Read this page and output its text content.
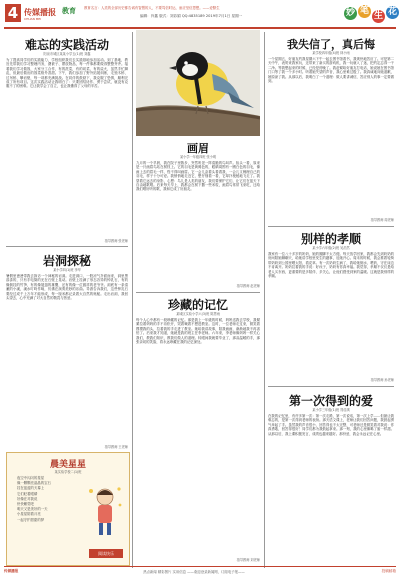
4 传媒播报
CHUAN MEI
教育 教育名言：人类的全部历史都告诫有智慧的人，不要笃信时运，而应坚信思想。——爱默生
编辑：肖鑫 版式：刘彩娟 QQ:4835189 2019年7月1日 星期一	妙 笔 生 花
难忘的实践活动
阳泉市城区某某小学五(1)班 刘鑫
为了提高同学们的实践能力，学校组织我们去实践基地参加活动。到了基地，教官先带我们学习整理内务，叠被子、摆放物品，每一件事都要做得整整齐齐。接着我们学习做饭，大家分工合作，有的洗菜，有的切菜，有的烧火，虽然手忙脚乱，但最后做出的饭菜格外香甜。下午，我们参加了野外拓展训练，走独木桥、过吊桥、攀岩壁，每一项都充满挑战。在同伴的鼓励下，我克服了恐惧，顺利完成了所有项目。这次实践活动让我明白了：只要团结协作、勇于尝试，就没有克服不了的困难。它让我学会了自立，也让我懂得了父母的辛苦。
指导教师 张老师
岩洞探秘
某小学四(1)班 李华
暑假里爸爸带我去探访一个神秘的岩洞。走进洞口，一股凉气扑面而来，洞里黑漆漆的，只有手电筒的光在石壁上晃动。岩壁上挂满了形态各异的钟乳石，有的像倒挂的竹笋，有的像展翅的雄鹰，还有的像一位慈祥的老爷爷。洞底有一条清澈的小溪，溪水叮咚作响，仿佛在演奏美妙的乐曲。导游告诉我们，这些钟乳石要经过成千上万年才能形成，每一厘米都记录着大自然的奥秘。走出岩洞，我回头望去，心中充满了对大自然的敬畏与热爱。
指导教师 王老师
晨美星星
某实验学校二(1)班
夜空中闪闪的星星
像一颗颗亮晶晶的宝石
挂在蓝蓝的天幕上
它们眨着眼睛
好像在对我说
快快睡觉吧
明天又是美好的一天
小星星陪着月亮
一起守护甜甜的梦
阅读快乐
画眉
某小学一年级四班 张小明
九月的一个早晨，我在院子里散步，突然听见一阵清脆的鸟叫声。抬头一看，原来是一只画眉鸟站在树枝上。它的羽毛是黄褐色的，眼睛周围有一圈白色的羽毛，像画上去的眉毛一样，怪不得叫画眉。它一会儿歪着头看看我，一会儿又梳理自己的羽毛，样子十分可爱。我悄悄地走近它，想仔细看一看，它却扑棱棱地飞走了。我望着它远去的身影，心想：鸟儿是人类的朋友，我们要保护它们，让它们在蓝天下自由地歌唱。后来每天早上，我都会在树下撒一些米粒，画眉鸟常常飞来吃，还给我们唱好听的歌，我和它成了好朋友。
指导教师 赵老师
珍藏的记忆
某城区实验小学六(3)班 陈思雨
每个人心中都有一段珍藏的记忆。那是我上一年级的时候，妈妈送我去学校，我紧紧拉着妈妈的手不肯松开，哭着喊着不想进教室。这时，一位老师走过来，微笑着摸摸我的头，拉着我的手走进了教室。她给我讲故事，陪我画画，渐渐地我不再害怕了。后来我才知道，她就是我的班主任李老师。六年来，李老师像妈妈一样关心我们，教我们知识，教我们做人的道理。转眼间我就要毕业了，那双温暖的手，那张亲切的笑脸，将永远珍藏在我的记忆深处。
指导教师 刘老师
我失信了，真后悔
某学校四年级(4)班 林小雨
一个星期五，好朋友约我星期六下午一起去图书馆看书，我爽快地答应了。可是第二天中午，表哥来我家玩，还带来了新买的游戏机，我一玩就入了迷，把约定忘得一干二净。等我想起来的时候，已经是傍晚了。我赶紧给好朋友打电话，她说她在图书馆门口等了我一个多小时。听着她失望的声音，我心里难过极了。我真诚地向她道歉，她原谅了我。从那以后，我明白了一个道理：做人要讲诚信，答应别人的事一定要做到。
指导教师 周老师
别样的孝顺
某小学六年级(2)班 吴浩然
我家有一位八十多岁的奶奶，她的腿脚不太方便。每天放学回家，我都会先到奶奶的房间陪她聊聊天，给她讲学校里发生的趣事，逗她开心。周末的时候，我会推着轮椅带奶奶到公园里晒太阳、看花草。有一次奶奶生病了，我给她倒水、喂药，守在床边不肯离开。奶奶拉着我的手说：好孩子，奶奶有你真幸福。我觉得，孝顺不仅仅是给老人买东西，更重要的是多陪伴、多关心，让他们感受到家的温暖。这就是我别样的孝顺。
指导教师 孙老师
第一次得到的爱
某小学三年级(1)班 郑佳琪
在我的记忆里，有许多第一次：第一次走路，第一次说话，第一次上学……但最让我难忘的，是第一次得到老师的表扬。那天语文课上，老师让我们回答问题，我鼓起勇气举起了手。虽然我的声音很小，回答得也不太完整，可老师还是微笑着对我说：你真勇敢，回答得很好！同学们都为我鼓起掌来。那一刻，我的心里像喝了蜜一样甜。从那以后，我上课积极发言，成绩也越来越好。那份爱，我会永远记在心里。
传媒播报	热点新闻 精彩图片 实用信息 ——欢迎登录新闻网，订阅电子报——	投稿邮箱
